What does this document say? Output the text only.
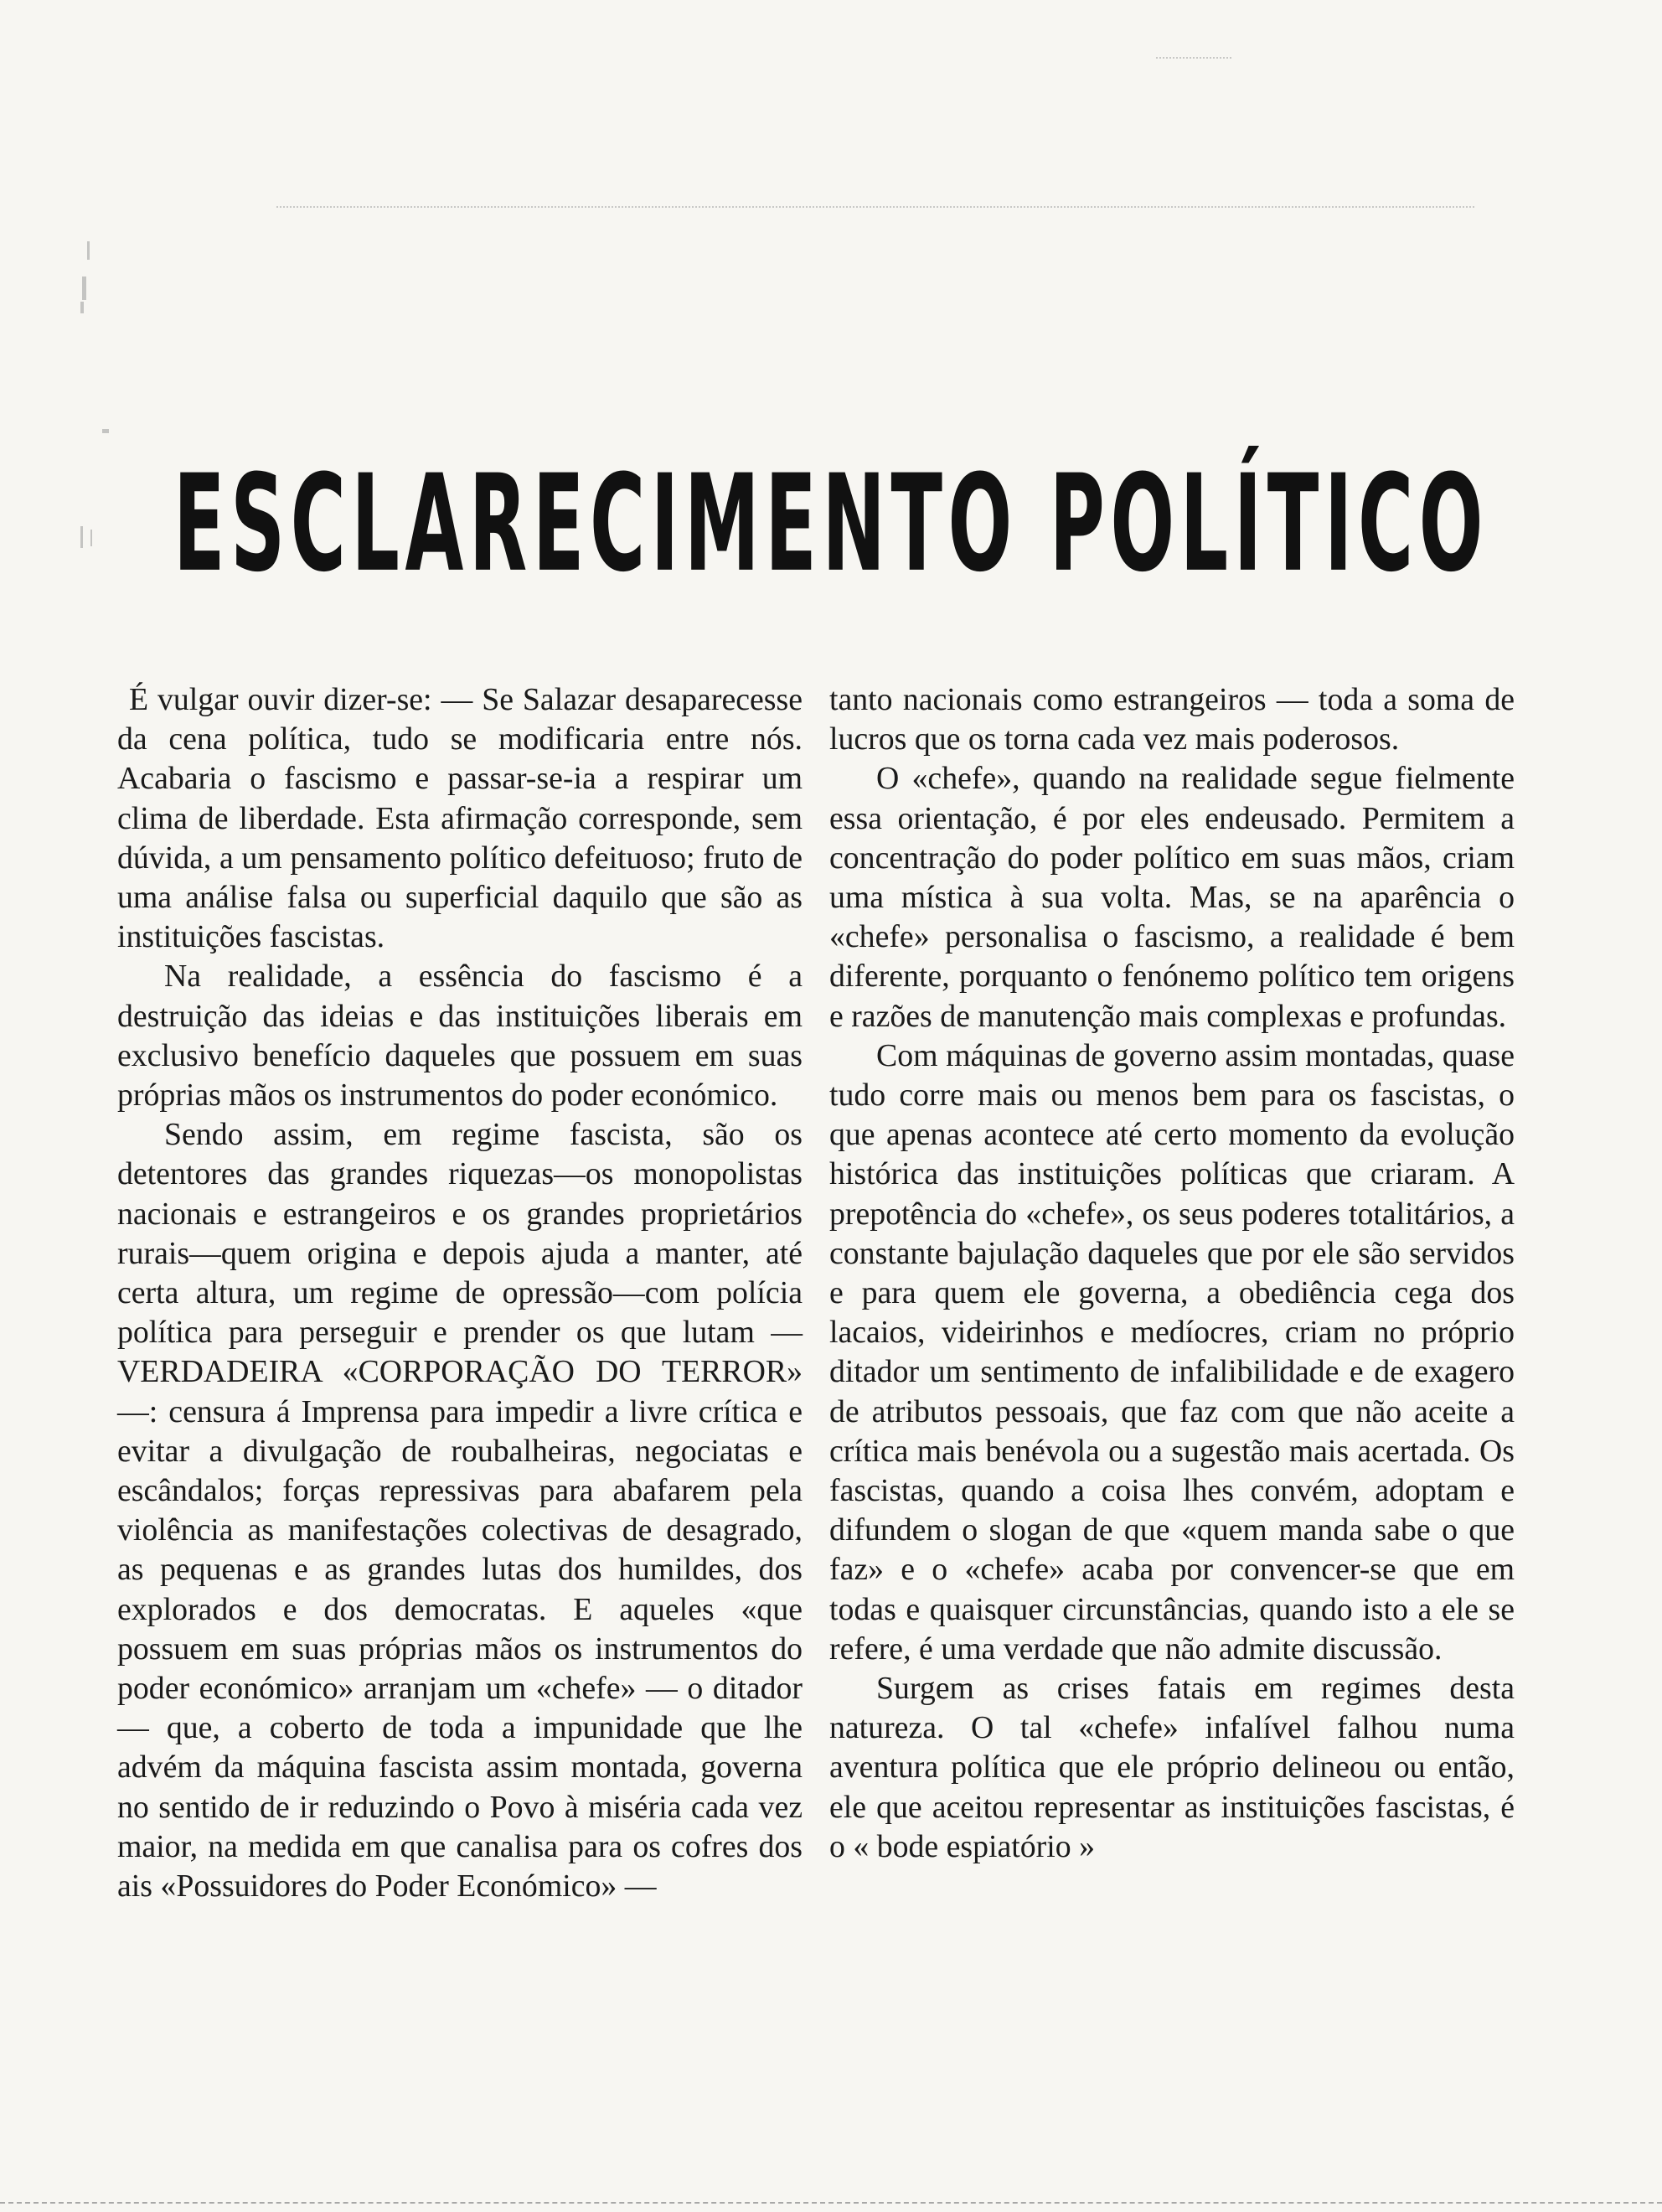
ESCLARECIMENTO POLÍTICO

É vulgar ouvir dizer-se: — Se Salazar desaparecesse da cena política, tudo se modificaria entre nós. Acabaria o fascismo e passar-se-ia a respirar um clima de liberdade. Esta afirmação corresponde, sem dúvida, a um pensamento político defeituoso; fruto de uma análise falsa ou superficial daquilo que são as instituições fascistas.

Na realidade, a essência do fascismo é a destruição das ideias e das instituições liberais em exclusivo benefício daqueles que possuem em suas próprias mãos os instrumentos do poder económico.

Sendo assim, em regime fascista, são os detentores das grandes riquezas—os monopolistas nacionais e estrangeiros e os grandes proprietários rurais—quem origina e depois ajuda a manter, até certa altura, um regime de opressão—com polícia política para perseguir e prender os que lutam — VERDADEIRA «CORPORAÇÃO DO TERROR» —: censura á Imprensa para impedir a livre crítica e evitar a divulgação de roubalheiras, negociatas e escândalos; forças repressivas para abafarem pela violência as manifestações colectivas de desagrado, as pequenas e as grandes lutas dos humildes, dos explorados e dos democratas. E aqueles «que possuem em suas próprias mãos os instrumentos do poder económico» arranjam um «chefe» — o ditador — que, a coberto de toda a impunidade que lhe advém da máquina fascista assim montada, governa no sentido de ir reduzindo o Povo à miséria cada vez maior, na medida em que canalisa para os cofres dos ais «Possuidores do Poder Económico» —

tanto nacionais como estrangeiros — toda a soma de lucros que os torna cada vez mais poderosos.

O «chefe», quando na realidade segue fielmente essa orientação, é por eles endeusado. Permitem a concentração do poder político em suas mãos, criam uma mística à sua volta. Mas, se na aparência o «chefe» personalisa o fascismo, a realidade é bem diferente, porquanto o fenónemo político tem origens e razões de manutenção mais complexas e profundas.

Com máquinas de governo assim montadas, quase tudo corre mais ou menos bem para os fascistas, o que apenas acontece até certo momento da evolução histórica das instituições políticas que criaram. A prepotência do «chefe», os seus poderes totalitários, a constante bajulação daqueles que por ele são servidos e para quem ele governa, a obediência cega dos lacaios, videirinhos e medíocres, criam no próprio ditador um sentimento de infalibilidade e de exagero de atributos pessoais, que faz com que não aceite a crítica mais benévola ou a sugestão mais acertada. Os fascistas, quando a coisa lhes convém, adoptam e difundem o slogan de que «quem manda sabe o que faz» e o «chefe» acaba por convencer-se que em todas e quaisquer circunstâncias, quando isto a ele se refere, é uma verdade que não admite discussão.

Surgem as crises fatais em regimes desta natureza. O tal «chefe» infalível falhou numa aventura política que ele próprio delineou ou então, ele que aceitou representar as instituições fascistas, é o « bode espiatório »
